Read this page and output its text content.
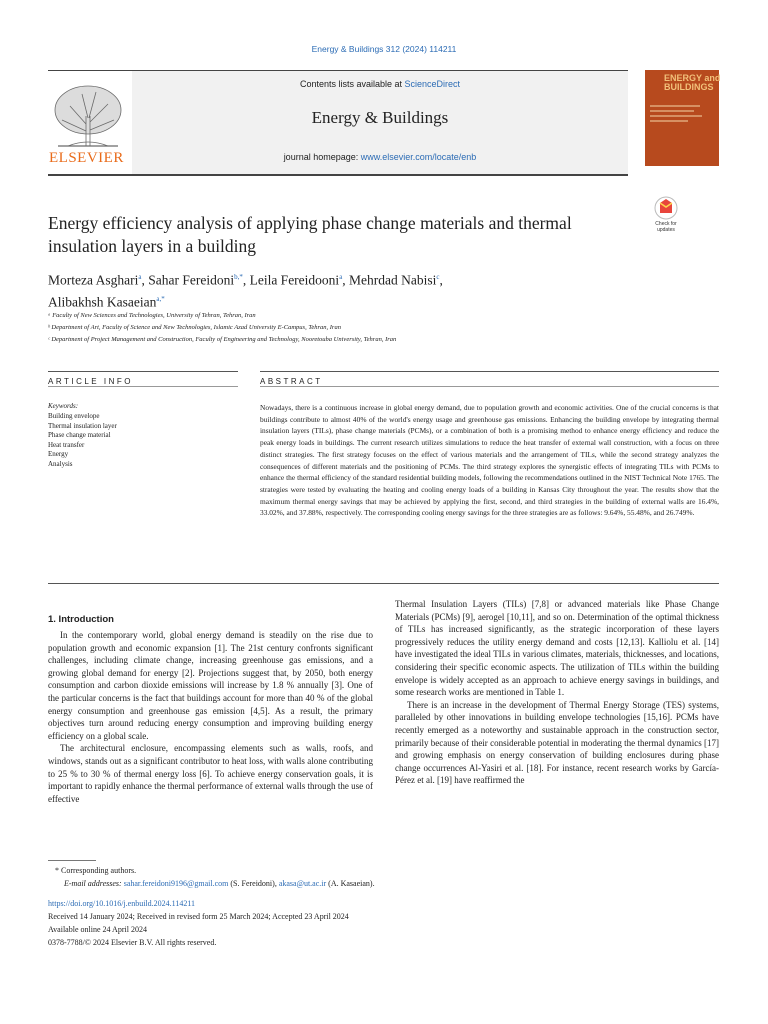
Energy & Buildings 312 (2024) 114211
ELSEVIER
Contents lists available at ScienceDirect
Energy & Buildings
journal homepage: www.elsevier.com/locate/enb
ENERGY and BUILDINGS
Energy efficiency analysis of applying phase change materials and thermal insulation layers in a building
Check for
updates
Morteza Asghari$^a$, Sahar Fereidoni$^{b,*}$, Leila Fereidooni$^a$, Mehrdad Nabisi$^c$,
Alibakhsh Kasaeian$^{a,*}$
ᵃ Faculty of New Sciences and Technologies, University of Tehran, Tehran, Iran
ᵇ Department of Art, Faculty of Science and New Technologies, Islamic Azad University E-Campus, Tehran, Iran
ᶜ Department of Project Management and Construction, Faculty of Engineering and Technology, Nooretouba University, Tehran, Iran
ARTICLE INFO	ABSTRACT
Keywords:
Building envelope
Thermal insulation layer
Phase change material
Heat transfer
Energy
Analysis
Nowadays, there is a continuous increase in global energy demand, due to population growth and economic activities. One of the crucial concerns is that buildings contribute to almost 40% of the world's energy usage and greenhouse gas emissions. Enhancing the building envelope by integrating thermal insulation layers (TILs), phase change materials (PCMs), or a combination of both is a promising method to enhance energy efficiency and reduce the peak energy loads in buildings. The current research utilizes simulations to reduce the heat transfer of external wall construction, with a focus on three distinct strategies. The first strategy focuses on the effect of various materials and the arrangement of TILs, while the second strategy analyzes the consequences of different materials and the positioning of PCMs. The third strategy explores the synergistic effects of integrating TILs with PCMs to enhance the thermal efficiency of the standard residential building models, following the recommendations outlined in the NIST Technical Note 1765. The strategies were tested by evaluating the heating and cooling energy loads of a building in Kansas City throughout the year. The results show that the maximum thermal energy savings that may be achieved by applying the first, second, and third strategies in the building of external walls are 16.4%, 33.02%, and 37.88%, respectively. The corresponding cooling energy savings for the three strategies are as follows: 9.64%, 55.48%, and 26.749%.
1. Introduction

In the contemporary world, global energy demand is steadily on the rise due to population growth and economic expansion [1]. The 21st century confronts significant challenges, including climate change, increasing greenhouse gas emissions, and a growing global demand for energy [2]. Projections suggest that, by 2050, both energy consumption and carbon dioxide emissions will increase by 1.8 % annually [3]. One of the particular concerns is the fact that buildings account for more than 40 % of the global energy consumption and greenhouse gas emission [4,5]. As a result, the primary objectives turn around reducing energy consumption and improving building energy efficiency on a global scale.

The architectural enclosure, encompassing elements such as walls, roofs, and windows, stands out as a significant contributor to heat loss, with walls alone contributing to 25 % to 30 % of thermal energy loss [6]. To achieve energy conservation goals, it is important to rapidly enhance the thermal performance of external walls through the use of effective

Thermal Insulation Layers (TILs) [7,8] or advanced materials like Phase Change Materials (PCMs) [9], aerogel [10,11], and so on. Determination of the optimal thickness of TILs has increased significantly, as the strategic incorporation of these layers progressively reduces the utility energy demand and costs [12,13]. Kalliolu et al. [14] have investigated the ideal TILs in various climates, materials, thicknesses, and locations, considering their specific economic aspects. The utilization of TILs within the building envelope is widely accepted as an approach to achieve energy savings in buildings, and some research works are mentioned in Table 1.

There is an increase in the development of Thermal Energy Storage (TES) systems, paralleled by other innovations in building envelope technologies [15,16]. PCMs have recently emerged as a noteworthy and sustainable approach in the construction sector, primarily because of their considerable potential in moderating the thermal dynamics [17] and growing emphasis on energy conservation of building enclosures during phase change occurrences Al-Yasiri et al. [18]. For instance, recent research works by García-Pérez et al. [19] have reaffirmed the

* Corresponding authors.
E-mail addresses: sahar.fereidoni9196@gmail.com (S. Fereidoni), akasa@ut.ac.ir (A. Kasaeian).
https://doi.org/10.1016/j.enbuild.2024.114211
Received 14 January 2024; Received in revised form 25 March 2024; Accepted 23 April 2024
Available online 24 April 2024
0378-7788/© 2024 Elsevier B.V. All rights reserved.
